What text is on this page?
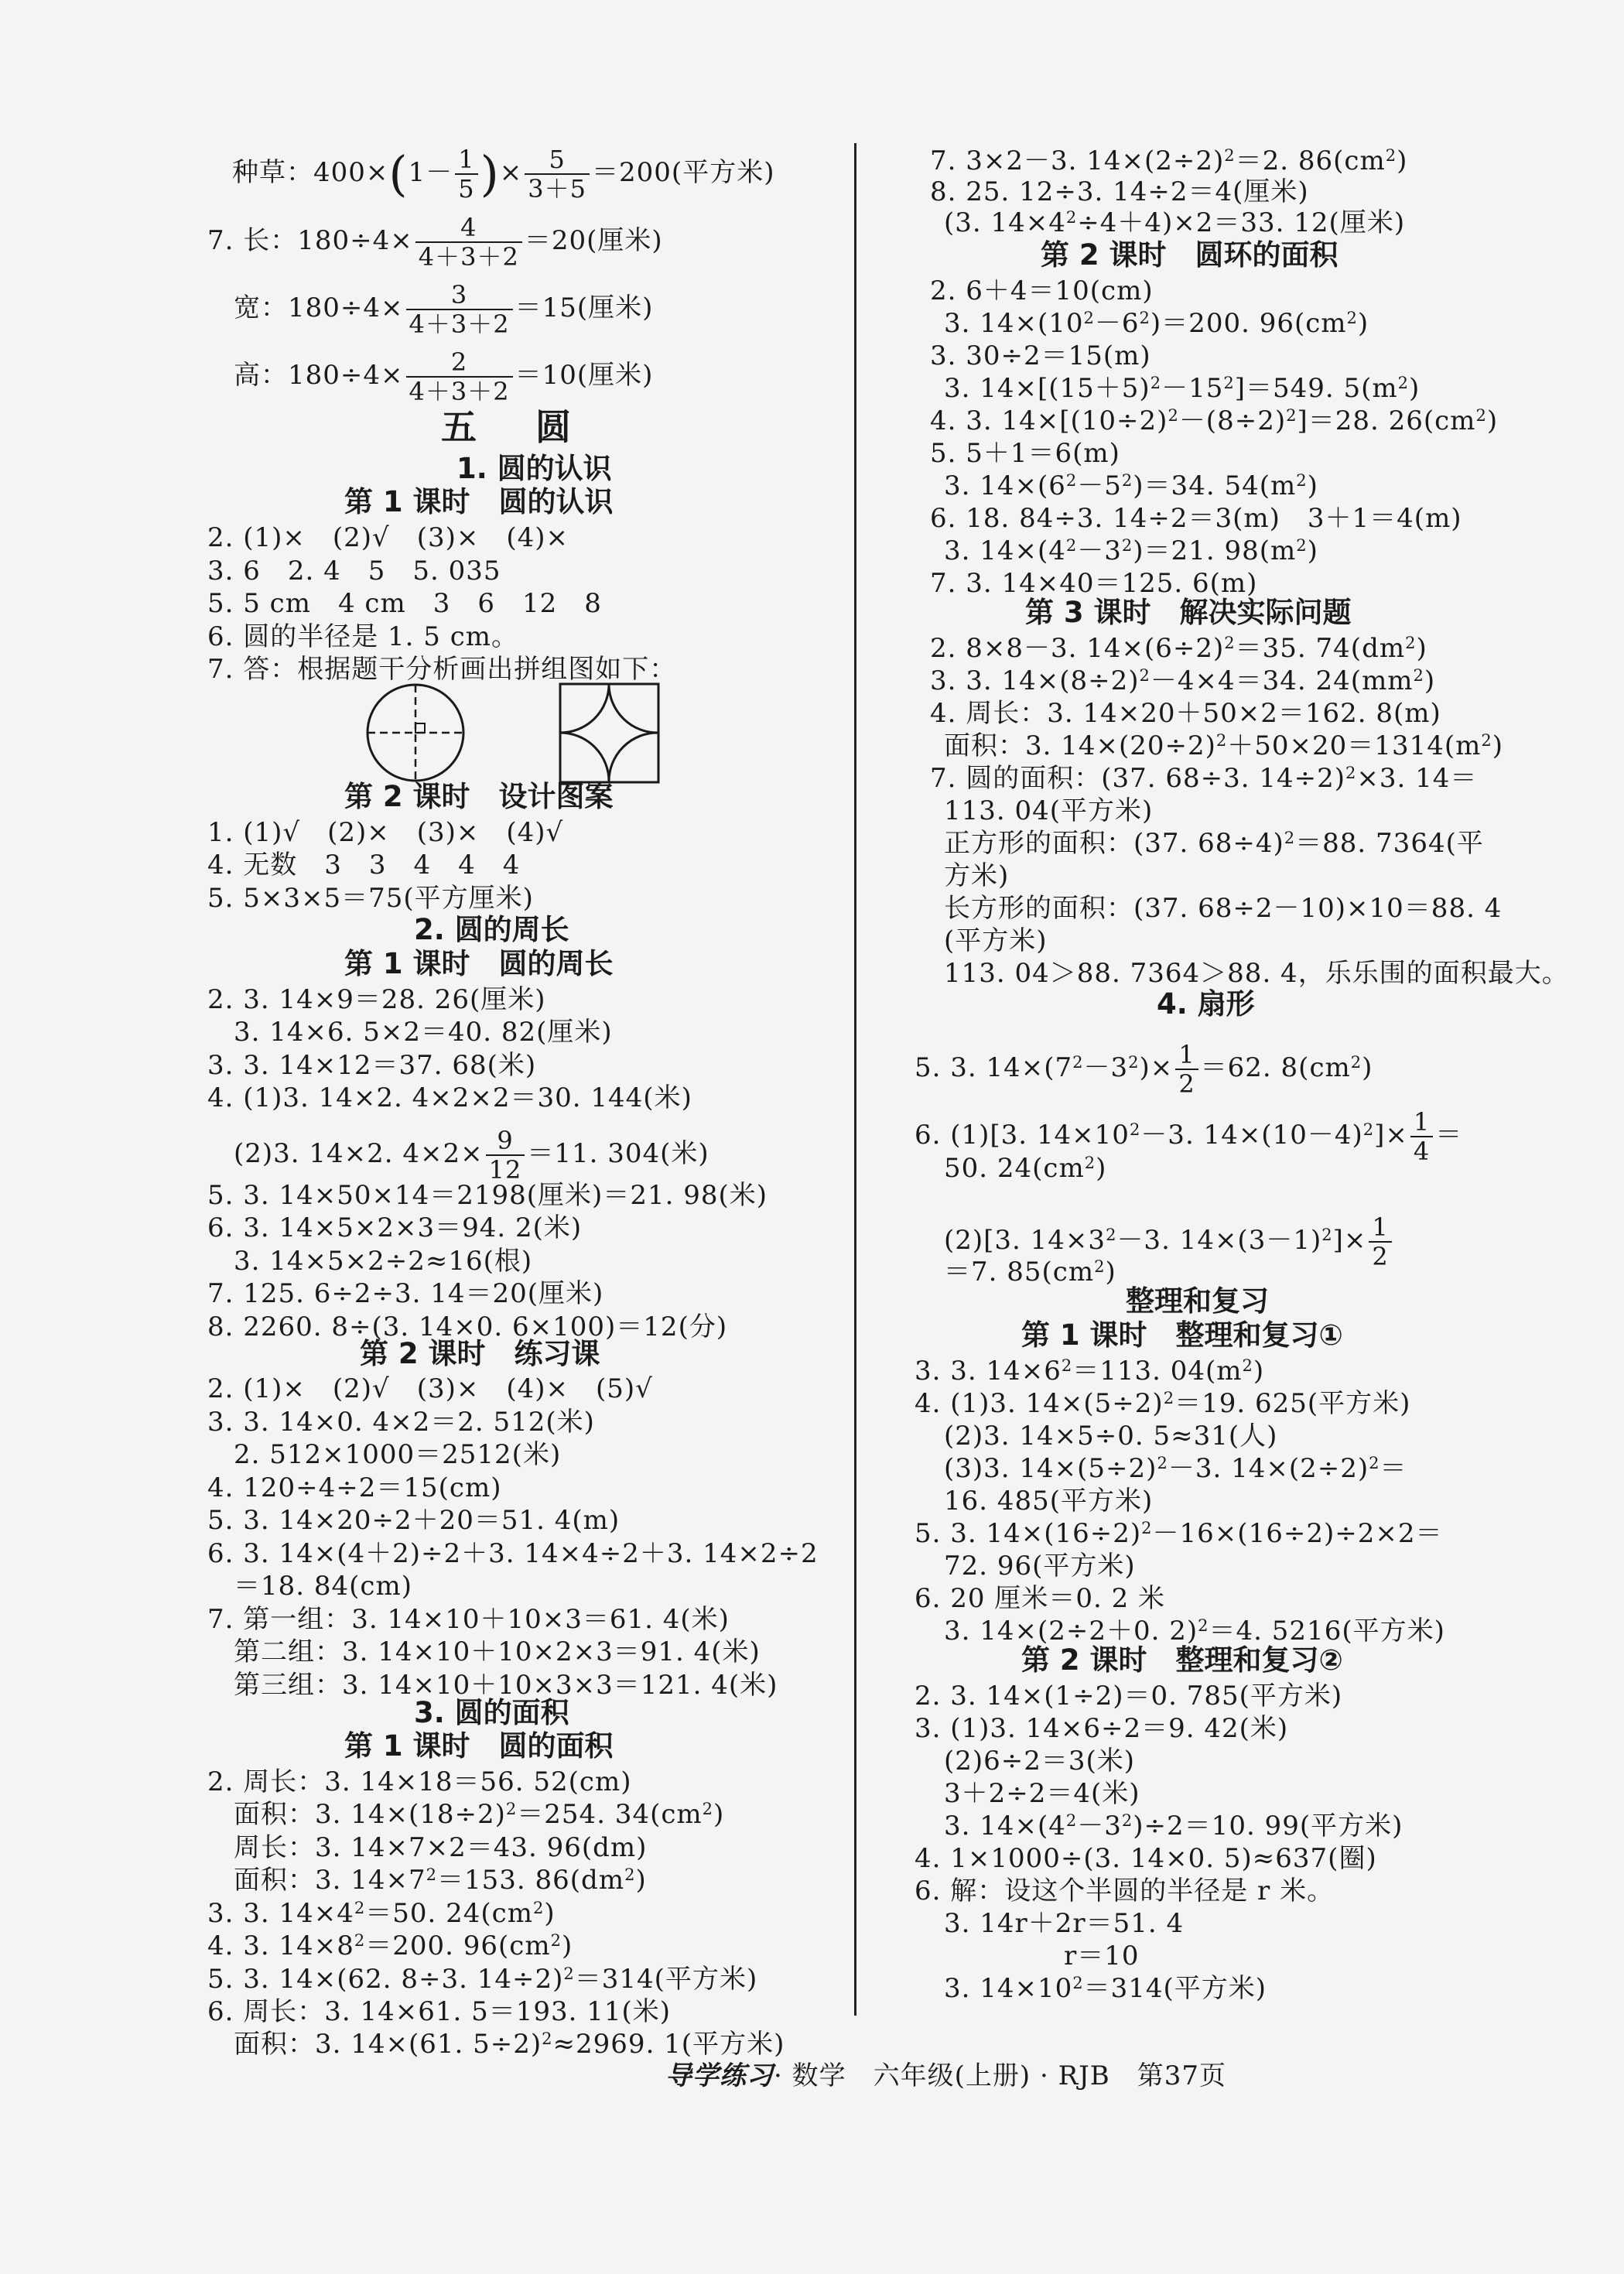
种草：$400\times(1- \frac{1}{5}$ )× $\frac{5}{3+5} =200$(平方米)
7. 长：$180\div 4\times \frac{4}{4+3+2} =20$(厘米)
宽：$180\div 4\times \frac{3}{4+3+2} =15$(厘米)
高：$180\div 4\times \frac{2}{4+3+2} =10$(厘米)
五 圆
1. 圆的认识
第 1 课时　圆的认识
2. (1)×　(2)√　(3)×　(4)×
3. 6　2. 4　5　5. 035
5. 5 cm　4 cm　3　6　12　8
6. 圆的半径是 1. 5 cm。
7. 答：根据题干分析画出拼组图如下：
第 2 课时　设计图案
1. (1)√　(2)×　(3)×　(4)√
4. 无数　3　3　4　4　4
5. 5×3×5＝75(平方厘米)
2. 圆的周长
第 1 课时　圆的周长
2. 3. 14×9＝28. 26(厘米)
3. 14×6. 5×2＝40. 82(厘米)
3. 3. 14×12＝37. 68(米)
4. (1)3. 14×2. 4×2×2＝30. 144(米)
(2)3. 14×2. $4\times 2\times \frac{9}{12} =11$. 304(米)
5. 3. 14×50×14＝2198(厘米)＝21. 98(米)
6. 3. 14×5×2×3＝94. 2(米)
3. 14×5×2÷2≈16(根)
7. 125. 6÷2÷3. 14＝20(厘米)
8. 2260. 8÷(3. 14×0. 6×100)＝12(分)
第 2 课时　练习课
2. (1)×　(2)√　(3)×　(4)×　(5)√
3. 3. 14×0. 4×2＝2. 512(米)
2. 512×1000＝2512(米)
4. 120÷4÷2＝15(cm)
5. 3. 14×20÷2＋20＝51. 4(m)
6. 3. 14×(4＋2)÷2＋3. 14×4÷2＋3. 14×2÷2
＝18. 84(cm)
7. 第一组：3. 14×10＋10×3＝61. 4(米)
第二组：3. 14×10＋10×2×3＝91. 4(米)
第三组：3. 14×10＋10×3×3＝121. 4(米)
3. 圆的面积
第 1 课时　圆的面积
2. 周长：3. 14×18＝56. 52(cm)
面积：3. $14\times(18\div 2)^2=254$. $34(cm^2)$
周长：3. 14×7×2＝43. 96(dm)
面积：3. $14\times 7^2=153$. $86(dm^2)$
3. 3. $14\times 4^2=50$. $24(cm^2)$
4. 3. $14\times 8^2=200$. $96(cm^2)$
5. 3. 14×(62. 8÷3. 14÷2)$^2$＝314(平方米)
6. 周长：3. 14×61. 5＝193. 11(米)
面积：3. 14×(61. 5÷2)$^2$≈2969. 1(平方米)
7. 3×2－3. $14\times(2\div 2)^2=2$. $86(cm^2)$
8. 25. 12÷3. 14÷2＝4(厘米)
(3. $14\times 4^2\div 4+4)\times 2=33$. 12(厘米)
第 2 课时　圆环的面积
2. 6＋4＝10(cm)
3. $14\times(10^2-6^2)=200$. $96(cm^2)$
3. 30÷2＝15(m)
3. $14\times[(15+5)^2-15^2]=549$. $5(m^2)$
4. 3. $14\times[(10\div 2)^2-(8\div 2)^2]=28$. $26(cm^2)$
5. 5＋1＝6(m)
3. $14\times(6^2-5^2)=34$. $54(m^2)$
6. 18. 84÷3. 14÷2＝3(m)　3＋1＝4(m)
3. $14\times(4^2-3^2)=21$. $98(m^2)$
7. 3. 14×40＝125. 6(m)
第 3 课时　解决实际问题
2. 8×8－3. $14\times(6\div 2)^2=35$. $74(dm^2)$
3. 3. $14\times(8\div 2)^2-4\times 4=34$. $24(mm^2)$
4. 周长：3. 14×20＋50×2＝162. 8(m)
面积：3. $14\times(20\div 2)^2+50\times 20=1314(m^2)$
7. 圆的面积：(37. 68÷3. 14÷2)$^2$×3. 14＝
113. 04(平方米)
正方形的面积：(37. 68÷4)$^2$＝88. 7364(平
方米)
长方形的面积：(37. 68÷2－10)×10＝88. 4
(平方米)
113. 04＞88. 7364＞88. 4，乐乐围的面积最大。
4. 扇形
5. 3. $14\times(7^2-3^2)\times \frac{1}{2} =62$. $8(cm^2)$
6. (1)[3. $14\times 10^2-3$. $14\times(10-4)^2]\times \frac{1}{4}$ ＝
50. $24(cm^2)$
(2)[3. $14\times 3^2-3$. $14\times(3-1)^2]\times \frac{1}{2}$
＝7. $85(cm^2)$
整理和复习
第 1 课时　整理和复习①
3. 3. $14\times 6^2=113$. $04(m^2)$
4. (1)3. $14\times(5\div 2)^2=19$. 625(平方米)
(2)3. 14×5÷0. 5≈31(人)
(3)3. $14\times(5\div 2)^2-3$. $14\times(2\div 2)^2=$
16. 485(平方米)
5. 3. $14\times(16\div 2)^2-16\times(16\div 2)\div 2\times 2=$
72. 96(平方米)
6. 20 厘米＝0. 2 米
3. 14×(2÷2＋0. 2)$^2$＝4. 5216(平方米)
第 2 课时　整理和复习②
2. 3. 14×(1÷2)＝0. 785(平方米)
3. (1)3. 14×6÷2＝9. 42(米)
(2)6÷2＝3(米)
3＋2÷2＝4(米)
3. $14\times(4^2-3^2)\div 2=10$. 99(平方米)
4. 1×1000÷(3. 14×0. 5)≈637(圈)
6. 解：设这个半圆的半径是 r 米。
3. 14r＋2r＝51. 4
r＝10
3. $14\times 10^2=314$(平方米)
导学练习· 数学　六年级(上册) · RJB　第37页
